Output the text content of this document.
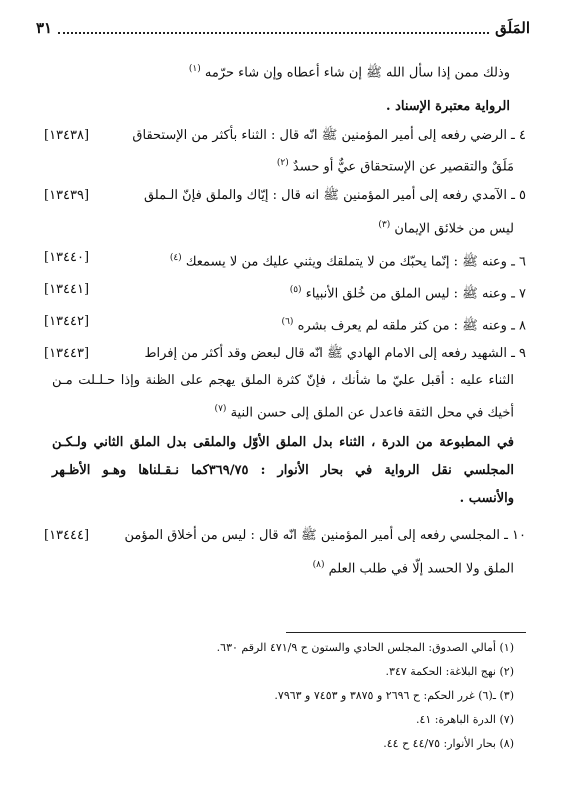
المَلَق
٣١
وذلك ممن إذا سأل الله ﷺ إن شاء أعطاه وإن شاء حرّمه $^{(١)}$
الرواية معتبرة الإسناد .
٤ ـ الرضي رفعه إلى أمير المؤمنين ﷺ انّه قال : الثناء بأكثر من الإستحقاق
[١٣٤٣٨]
مَلَقٌ والتقصير عن الإستحقاق عيٌّ أو حسدٌ $^{(٢)}$
٥ ـ الآمدي رفعه إلى أمير المؤمنين ﷺ انه قال : إيّاك والملق فإنّ الـملق
[١٣٤٣٩]
ليس من خلائق الإيمان $^{(٣)}$
٦ ـ وعنه ﷺ : إنّما يحبّك من لا يتملقك ويثني عليك من لا يسمعك $^{(٤)}$
[١٣٤٤٠]
٧ ـ وعنه ﷺ : ليس الملق من خُلق الأنبياء $^{(٥)}$
[١٣٤٤١]
٨ ـ وعنه ﷺ : من كثر ملقه لم يعرف بشره $^{(٦)}$
[١٣٤٤٢]
٩ ـ الشهيد رفعه إلى الامام الهادي ﷺ انّه قال لبعض وقد أكثر من إفراط
[١٣٤٤٣]
الثناء عليه : أقبل عليّ ما شأنك ، فإنّ كثرة الملق يهجم على الظنة وإذا حـلـلت مـن
أخيك في محل الثقة فاعدل عن الملق إلى حسن النية $^{(٧)}$
في المطبوعة من الدرة ، الثناء بدل الملق الأوّل والملقى بدل الملق الثاني ولـكـن
المجلسي نقل الرواية في بحار الأنوار : ٣٦٩/٧٥كما نـقـلناها وهـو الأظـهر
والأنسب .
١٠ ـ المجلسي رفعه إلى أمير المؤمنين ﷺ انّه قال : ليس من أخلاق المؤمن
[١٣٤٤٤]
الملق ولا الحسد إلّا في طلب العلم $^{(٨)}$
(١) أمالي الصدوق: المجلس الحادي والستون ح ٤٧١/٩ الرقم ٦٣٠.
(٢) نهج البلاغة: الحكمة ٣٤٧.
(٣) ـ(٦) غرر الحكم: ح ٢٦٩٦ و ٣٨٧٥ و ٧٤٥٣ و ٧٩٦٣.
(٧) الدرة الباهرة: ٤١.
(٨) بحار الأنوار: ٤٤/٧٥ ح ٤٤.
